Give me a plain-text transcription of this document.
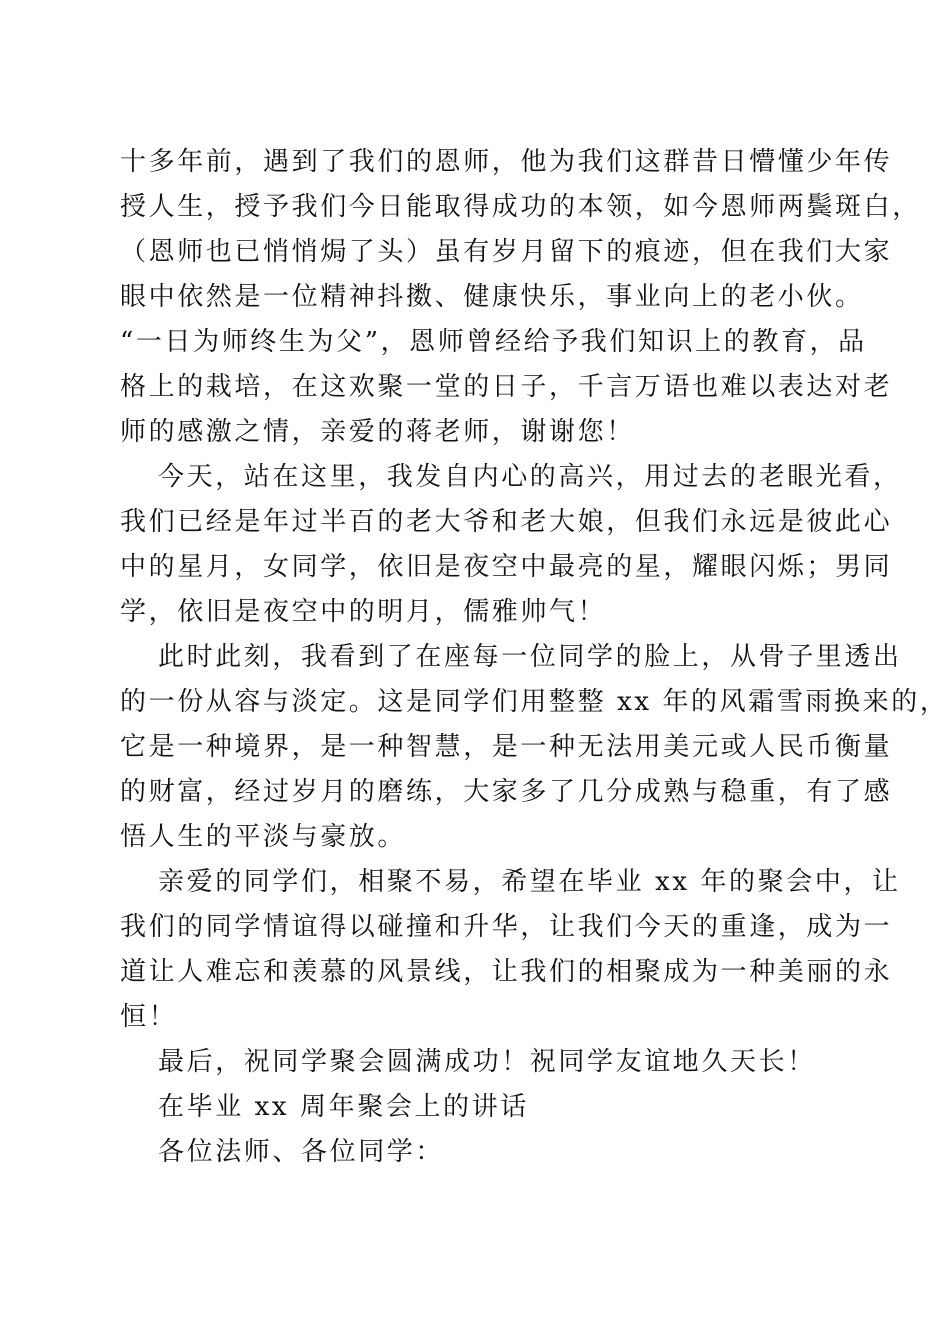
十多年前，遇到了我们的恩师，他为我们这群昔日懵懂少年传

授人生，授予我们今日能取得成功的本领，如今恩师两鬓斑白，

（恩师也已悄悄焗了头）虽有岁月留下的痕迹，但在我们大家

眼中依然是一位精神抖擞、健康快乐，事业向上的老小伙。

“一日为师终生为父”，恩师曾经给予我们知识上的教育，品

格上的栽培，在这欢聚一堂的日子，千言万语也难以表达对老

师的感激之情，亲爱的蒋老师，谢谢您！

今天，站在这里，我发自内心的高兴，用过去的老眼光看，

我们已经是年过半百的老大爷和老大娘，但我们永远是彼此心

中的星月，女同学，依旧是夜空中最亮的星，耀眼闪烁；男同

学，依旧是夜空中的明月，儒雅帅气！

此时此刻，我看到了在座每一位同学的脸上，从骨子里透出

的一份从容与淡定。这是同学们用整整 xx 年的风霜雪雨换来的，

它是一种境界，是一种智慧，是一种无法用美元或人民币衡量

的财富，经过岁月的磨练，大家多了几分成熟与稳重，有了感

悟人生的平淡与豪放。

亲爱的同学们，相聚不易，希望在毕业 xx 年的聚会中，让

我们的同学情谊得以碰撞和升华，让我们今天的重逢，成为一

道让人难忘和羡慕的风景线，让我们的相聚成为一种美丽的永

恒！

最后，祝同学聚会圆满成功！祝同学友谊地久天长！

在毕业 xx 周年聚会上的讲话

各位法师、各位同学：
